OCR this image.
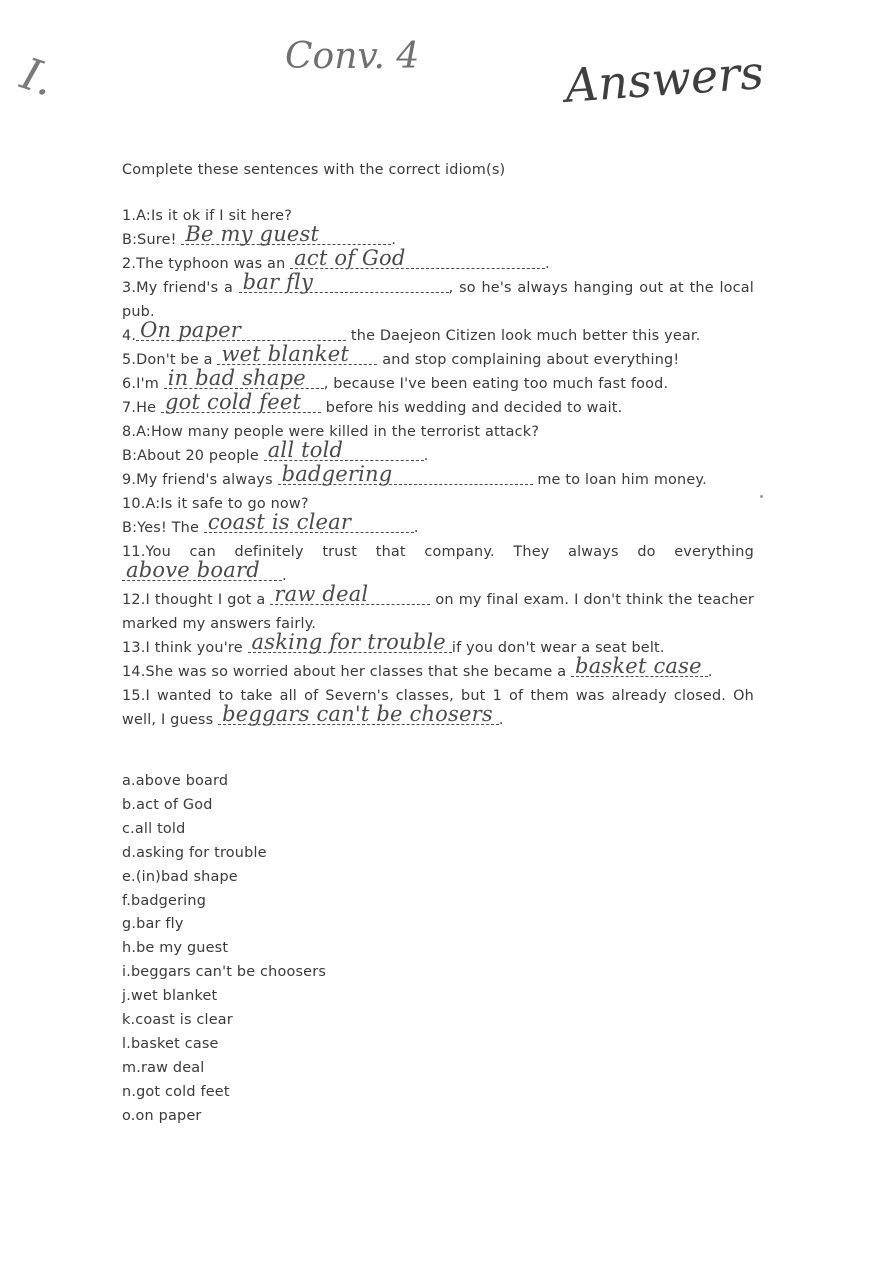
I.	Conv. 4	Answers
Complete these sentences with the correct idiom(s)
1.A:Is it ok if I sit here?
B:Sure! Be my guest	.
2.The typhoon was an act of God	.
3.My friend's a bar fly	, so he's always hanging out at the local pub.
4. On paper	the Daejeon Citizen look much better this year.
5.Don't be a wet blanket and stop complaining about everything!
6.I'm in bad shape , because I've been eating too much fast food.
7.He got cold feet before his wedding and decided to wait.
8.A:How many people were killed in the terrorist attack?
B:About 20 people all told	.
9.My friend's always badgering	me to loan him money.
10.A:Is it safe to go now?
B:Yes! The coast is clear	.
11.You can definitely trust that company. They always do everything
above board .
12.I thought I got a raw deal	on my final exam. I don't think the teacher marked my answers fairly.
13.I think you're asking for trouble if you don't wear a seat belt.
14.She was so worried about her classes that she became a basket case .
15.I wanted to take all of Severn's classes, but 1 of them was already closed. Oh well, I guess beggars can't be chosers .
a.above board
b.act of God
c.all told
d.asking for trouble
e.(in)bad shape
f.badgering
g.bar fly
h.be my guest
i.beggars can't be choosers
j.wet blanket
k.coast is clear
l.basket case
m.raw deal
n.got cold feet
o.on paper
